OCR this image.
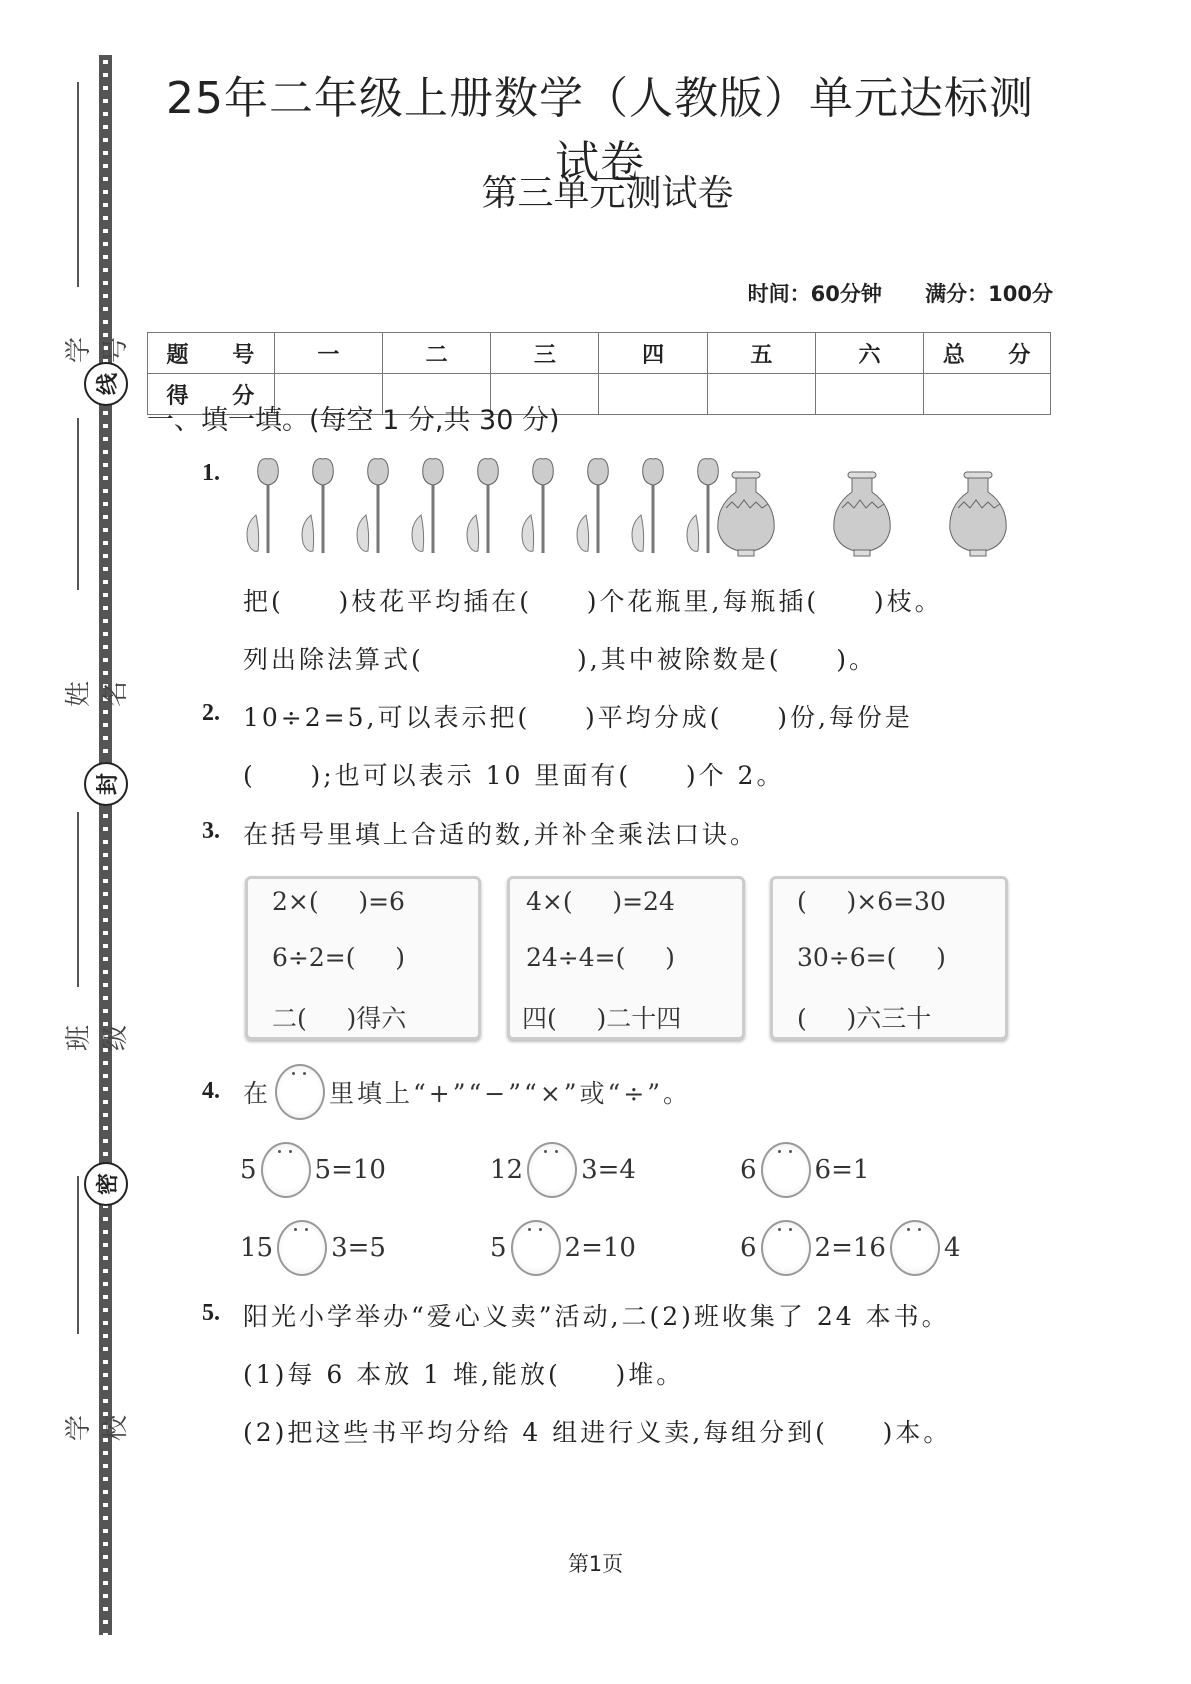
学 号
线
姓 名
封
班 级
密
学 校
25年二年级上册数学（人教版）单元达标测试卷
第三单元测试卷
时间：60分钟 满分：100分
题 号	一	二	三	四	五	六	总 分
得 分							
一、填一填。(每空 1 分,共 30 分)
1.
把(     )枝花平均插在(     )个花瓶里,每瓶插(     )枝。
列出除法算式(              ),其中被除数是(     )。
2. 10÷2=5,可以表示把(     )平均分成(     )份,每份是
(     );也可以表示 10 里面有(     )个 2。
3. 在括号里填上合适的数,并补全乘法口诀。
2×(     )=6
6÷2=(     )
二(     )得六
4×(     )=24
24÷4=(     )
四(     )二十四
(     )×6=30
30÷6=(     )
(     )六三十
4. 在 里填上“+”“−”“×”或“÷”。
5 5=10	12 3=4	6 6=1
15 3=5	5 2=10	6 2=16 4
5. 阳光小学举办“爱心义卖”活动,二(2)班收集了 24 本书。
(1)每 6 本放 1 堆,能放(     )堆。
(2)把这些书平均分给 4 组进行义卖,每组分到(     )本。
第1页
